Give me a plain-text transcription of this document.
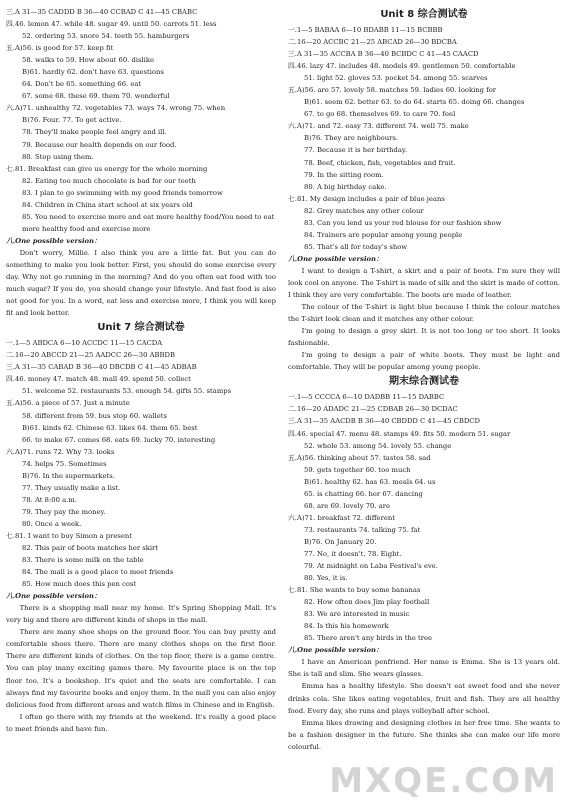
三.A 31—35 CADDD B 36—40 CCBAD C 41—45 CBABC
四.46. lemon 47. while 48. sugar 49. until 50. carrots 51. less
52. ordering 53. snore 54. teeth 55. hamburgers
五.A)56. is good for 57. keep fit
58. walks to 59. How about 60. dislike
B)61. hardly 62. don't have 63. questions
64. Don't be 65. something 66. eat
67. some 68. these 69. them 70. wonderful
六.A)71. unhealthy 72. vegetables 73. ways 74. wrong 75. when
B)76. Four. 77. To get active.
78. They'll make people feel angry and ill.
79. Because our health depends on our food.
80. Stop using them.
七.81. Breakfast can give us energy for the whole morning
82. Eating too much chocolate is bad for our teeth
83. I plan to go swimming with my good friends tomorrow
84. Children in China start school at six years old
85. You need to exercise more and eat more healthy food/You need to eat
more healthy food and exercise more
八.One possible version：
Don't worry, Millie. I also think you are a little fat. But you can do something to make you look better. First, you should do some exercise every day. Why not go running in the morning? And do you often eat food with too much sugar? If you do, you should change your lifestyle. And fast food is also not good for you. In a word, eat less and exercise more, I think you will keep fit and look better.
Unit 7 综合测试卷
一.1—5 ABDCA 6—10 ACCDC 11—15 CACDA
二.16—20 ABCCD 21—25 AADCC 26—30 ABBDB
三.A 31—35 CABAD B 36—40 DBCDB C 41—45 ADBAB
四.46. money 47. match 48. mall 49. spend 50. collect
51. welcome 52. restaurants 53. enough 54. gifts 55. stamps
五.A)56. a piece of 57. Just a minute
58. different from 59. bus stop 60. wallets
B)61. kinds 62. Chinese 63. likes 64. them 65. best
66. to make 67. comes 68. eats 69. lucky 70. interesting
六.A)71. runs 72. Why 73. looks
74. helps 75. Sometimes
B)76. In the supermarkets.
77. They usually make a list.
78. At 8:00 a.m.
79. They pay the money.
80. Once a week.
七.81. I want to buy Simon a present
82. This pair of boots matches her skirt
83. There is some milk on the table
84. The mall is a good place to meet friends
85. How much does this pen cost
八.One possible version：
There is a shopping mall near my home. It's Spring Shopping Mall. It's very big and there are different kinds of shops in the mall.
There are many shoe shops on the ground floor. You can buy pretty and comfortable shoes there. There are many clothes shops on the first floor. There are different kinds of clothes. On the top floor, there is a game centre. You can play many exciting games there. My favourite place is on the top floor too. It's a bookshop. It's quiet and the seats are comfortable. I can always find my favourite books and enjoy them. In the mall you can also enjoy delicious food from different areas and watch films in Chinese and in English.
I often go there with my friends at the weekend. It's really a good place to meet friends and have fun.
Unit 8 综合测试卷
一.1—5 BABAA 6—10 BDABB 11—15 BCBBB
二.16—20 ACCBC 21—25 ABCAD 26—30 BDCBA
三.A 31—35 ACCBA B 36—40 BCBDC C 41—45 CAACD
四.46. lazy 47. includes 48. models 49. gentlemen 50. comfortable
51. light 52. gloves 53. pocket 54. among 55. scarves
五.A)56. are 57. lovely 58. matches 59. ladies 60. looking for
B)61. seem 62. better 63. to do 64. starts 65. doing 66. changes
67. to go 68. themselves 69. to care 70. feel
六.A)71. and 72. easy 73. different 74. well 75. make
B)76. They are neighbours.
77. Because it is her birthday.
78. Beef, chicken, fish, vegetables and fruit.
79. In the sitting room.
80. A big birthday cake.
七.81. My design includes a pair of blue jeans
82. Grey matches any other colour
83. Can you lend us your red blouse for our fashion show
84. Trainers are popular among young people
85. That's all for today's show
八.One possible version：
I want to design a T-shirt, a skirt and a pair of boots. I'm sure they will look cool on anyone. The T-shirt is made of silk and the skirt is made of cotton. I think they are very comfortable. The boots are made of leather.
The colour of the T-shirt is light blue because I think the colour matches the T-shirt look clean and it matches any other colour.
I'm going to design a grey skirt. It is not too long or too short. It looks fashionable.
I'm going to design a pair of white boots. They must be light and comfortable. They will be popular among young people.
期末综合测试卷
一.1—5 CCCCA 6—10 DADBB 11—15 DABBC
二.16—20 ADADC 21—25 CDBAB 26—30 DCDAC
三.A 31—35 AACDB B 36—40 CBDDD C 41—45 CBDCD
四.46. special 47. menu 48. stamps 49. fits 50. modern 51. sugar
52. whole 53. among 54. lovely 55. change
五.A)56. thinking about 57. tastes 58. sad
59. gets together 60. too much
B)61. healthy 62. has 63. meals 64. us
65. is chatting 66. her 67. dancing
68. are 69. lovely 70. are
六.A)71. breakfast 72. different
73. restaurants 74. talking 75. fat
B)76. On January 20.
77. No, it doesn't. 78. Eight.
79. At midnight on Laba Festival's eve.
80. Yes, it is.
七.81. She wants to buy some bananas
82. How often does Jim play football
83. We are interested in music
84. Is this his homework
85. There aren't any birds in the tree
八.One possible version：
I have an American penfriend. Her name is Emma. She is 13 years old. She is tall and slim. She wears glasses.
Emma has a healthy lifestyle. She doesn't eat sweet food and she never drinks cola. She likes eating vegetables, fruit and fish. They are all healthy food. Every day, she runs and plays volleyball after school.
Emma likes drawing and designing clothes in her free time. She wants to be a fashion designer in the future. She thinks she can make our life more colourful.
MXQE.COM
